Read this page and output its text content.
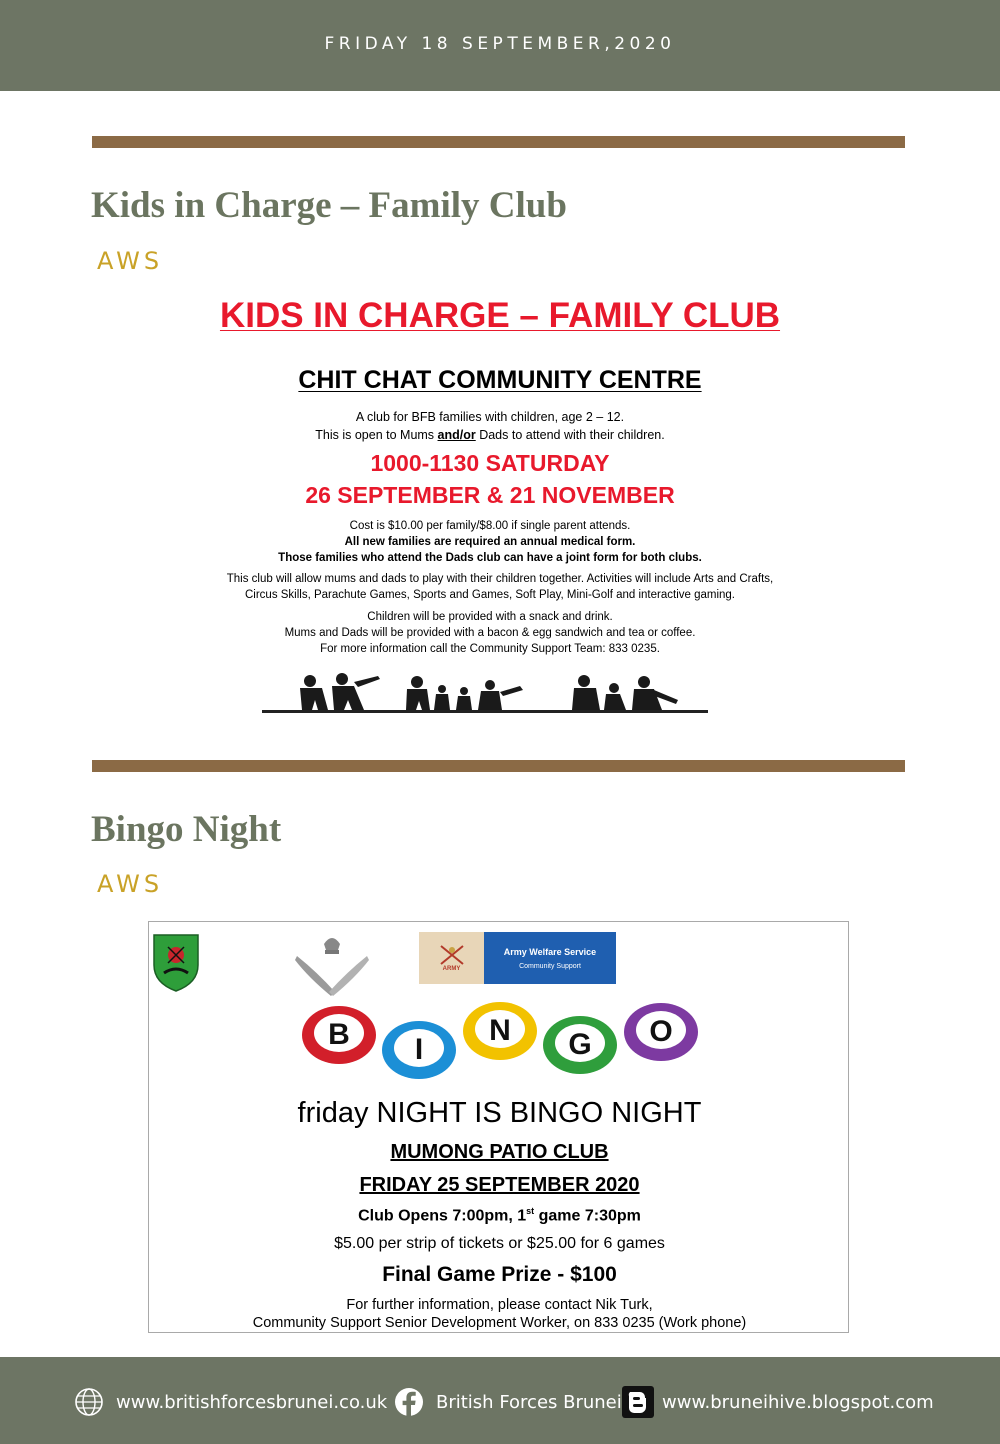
FRIDAY 18 SEPTEMBER,2020
Kids in Charge – Family Club
AWS
KIDS IN CHARGE – FAMILY CLUB
CHIT CHAT COMMUNITY CENTRE
A club for BFB families with children, age 2 – 12.
This is open to Mums and/or Dads to attend with their children.
1000-1130 SATURDAY
26 SEPTEMBER & 21 NOVEMBER
Cost is $10.00 per family/$8.00 if single parent attends.
All new families are required an annual medical form.
Those families who attend the Dads club can have a joint form for both clubs.
This club will allow mums and dads to play with their children together. Activities will include Arts and Crafts,
Circus Skills, Parachute Games, Sports and Games, Soft Play, Mini-Golf and interactive gaming.
Children will be provided with a snack and drink.
Mums and Dads will be provided with a bacon & egg sandwich and tea or coffee.
For more information call the Community Support Team: 833 0235.
Bingo Night
AWS
ARMY
Army Welfare Service
Community Support
B I
N G O
friday NIGHT IS BINGO NIGHT
MUMONG PATIO CLUB
FRIDAY 25 SEPTEMBER 2020
Club Opens 7:00pm, 1st game 7:30pm
$5.00 per strip of tickets or $25.00 for 6 games
Final Game Prize - $100
For further information, please contact Nik Turk,
Community Support Senior Development Worker, on 833 0235 (Work phone)
www.britishforcesbrunei.co.uk	British Forces Brunei www.bruneihive.blogspot.com
